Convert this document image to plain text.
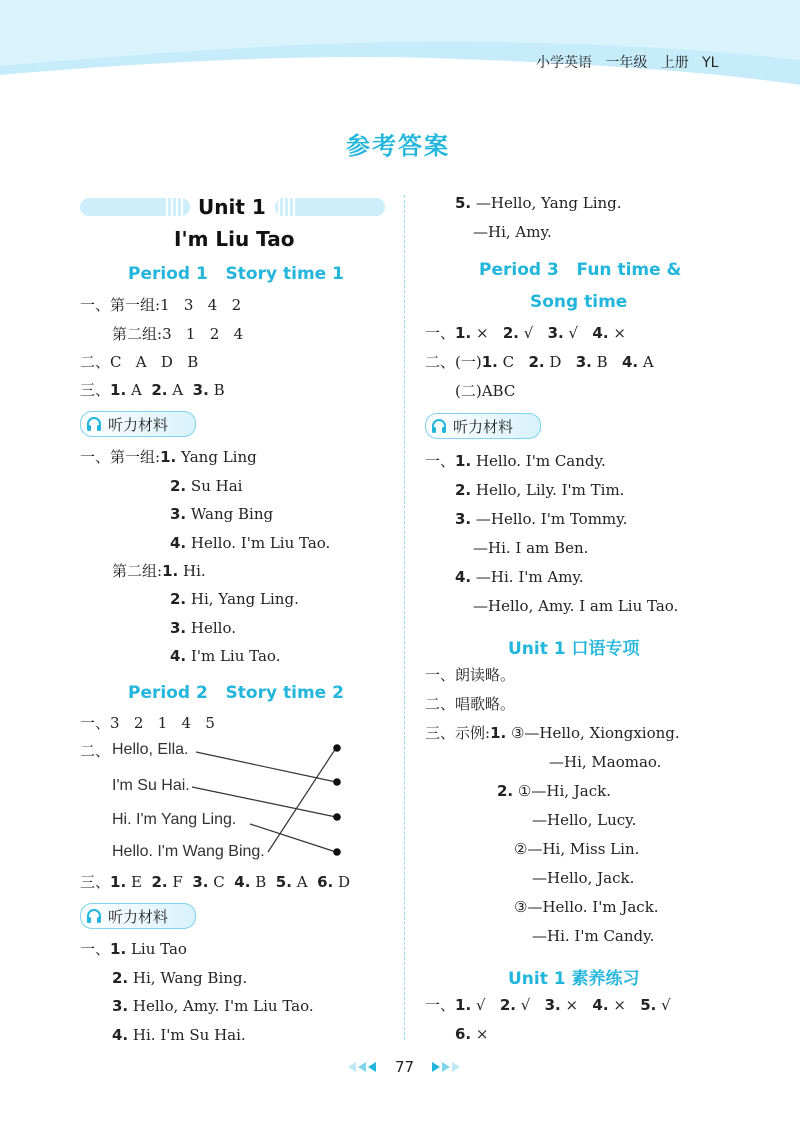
小学英语 一年级 上册 YL
参考答案
Unit 1
I'm Liu Tao
Period 1   Story time 1
一、第一组:1   3   4   2
第二组:3   1   2   4
二、C   A   D   B
三、1. A 2. A 3. B
听力材料
一、第一组:1. Yang Ling
2. Su Hai
3. Wang Bing
4. Hello. I'm Liu Tao.
第二组:1. Hi.
2. Hi, Yang Ling.
3. Hello.
4. I'm Liu Tao.
Period 2   Story time 2
一、3   2   1   4   5
二、 Hello, Ella.
I'm Su Hai.
Hi. I'm Yang Ling.
Hello. I'm Wang Bing.
三、1. E 2. F 3. C 4. B 5. A 6. D
听力材料
一、1. Liu Tao
2. Hi, Wang Bing.
3. Hello, Amy. I'm Liu Tao.
4. Hi. I'm Su Hai.
5. —Hello, Yang Ling.
—Hi, Amy.
Period 3   Fun time &
Song time
一、1. × 2. √ 3. √ 4. ×
二、(一)1. C 2. D 3. B 4. A
(二)ABC
听力材料
一、1. Hello. I'm Candy.
2. Hello, Lily. I'm Tim.
3. —Hello. I'm Tommy.
—Hi. I am Ben.
4. —Hi. I'm Amy.
—Hello, Amy. I am Liu Tao.
Unit 1 口语专项
一、朗读略。
二、唱歌略。
三、示例:1. ③—Hello, Xiongxiong.
—Hi, Maomao.
2. ①—Hi, Jack.
—Hello, Lucy.
②—Hi, Miss Lin.
—Hello, Jack.
③—Hello. I'm Jack.
—Hi. I'm Candy.
Unit 1 素养练习
一、1. √ 2. √ 3. × 4. × 5. √
6. ×
77
